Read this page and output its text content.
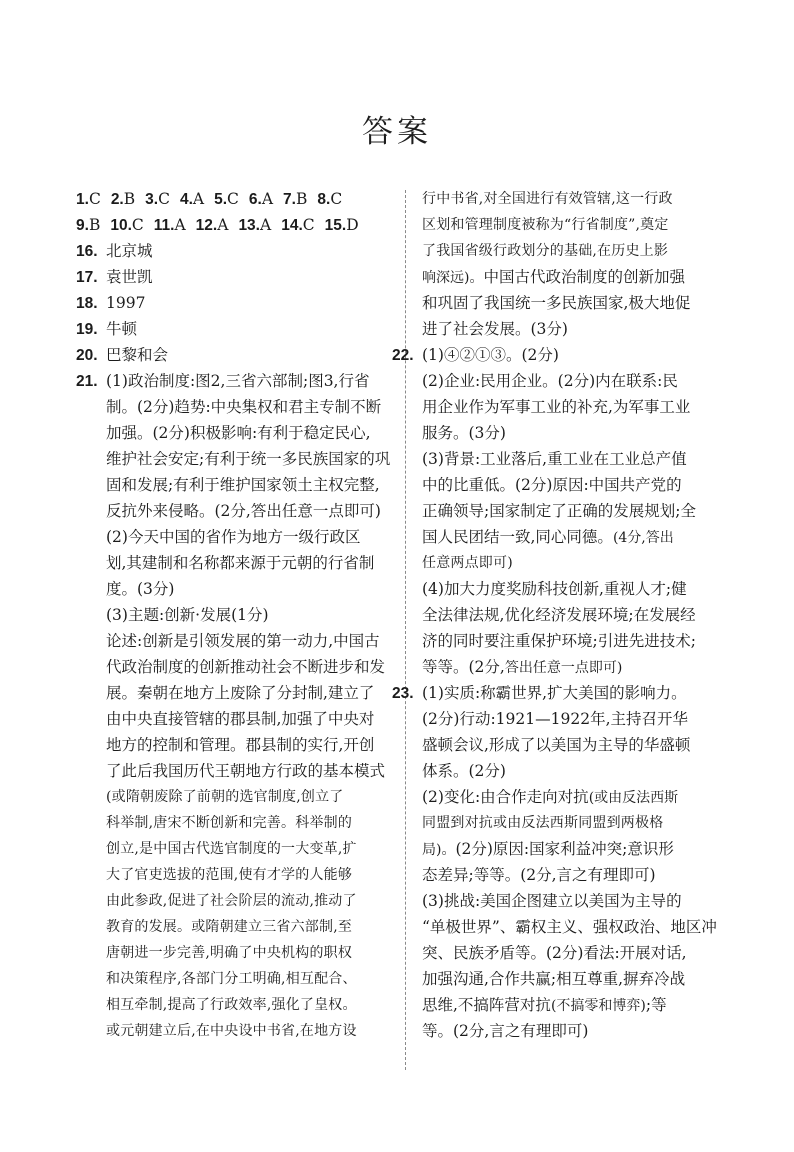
答案
1.C 2.B 3.C 4.A 5.C 6.A 7.B 8.C
9.B 10.C 11.A 12.A 13.A 14.C 15.D
16. 北京城
17. 袁世凯
18. 1997
19. 牛顿
20. 巴黎和会
21. (1)政治制度:图2,三省六部制;图3,行省
制。(2分)趋势:中央集权和君主专制不断
加强。(2分)积极影响:有利于稳定民心,
维护社会安定;有利于统一多民族国家的巩
固和发展;有利于维护国家领土主权完整,
反抗外来侵略。(2分,答出任意一点即可)
(2)今天中国的省作为地方一级行政区
划,其建制和名称都来源于元朝的行省制
度。(3分)
(3)主题:创新·发展(1分)
论述:创新是引领发展的第一动力,中国古
代政治制度的创新推动社会不断进步和发
展。秦朝在地方上废除了分封制,建立了
由中央直接管辖的郡县制,加强了中央对
地方的控制和管理。郡县制的实行,开创
了此后我国历代王朝地方行政的基本模式
(或隋朝废除了前朝的选官制度,创立了
科举制,唐宋不断创新和完善。科举制的
创立,是中国古代选官制度的一大变革,扩
大了官吏选拔的范围,使有才学的人能够
由此参政,促进了社会阶层的流动,推动了
教育的发展。或隋朝建立三省六部制,至
唐朝进一步完善,明确了中央机构的职权
和决策程序,各部门分工明确,相互配合、
相互牵制,提高了行政效率,强化了皇权。
或元朝建立后,在中央设中书省,在地方设
行中书省,对全国进行有效管辖,这一行政
区划和管理制度被称为“行省制度”,奠定
了我国省级行政划分的基础,在历史上影
响深远)。中国古代政治制度的创新加强
和巩固了我国统一多民族国家,极大地促
进了社会发展。(3分)
22. (1)④②①③。(2分)
(2)企业:民用企业。(2分)内在联系:民
用企业作为军事工业的补充,为军事工业
服务。(3分)
(3)背景:工业落后,重工业在工业总产值
中的比重低。(2分)原因:中国共产党的
正确领导;国家制定了正确的发展规划;全
国人民团结一致,同心同德。(4分,答出
任意两点即可)
(4)加大力度奖励科技创新,重视人才;健
全法律法规,优化经济发展环境;在发展经
济的同时要注重保护环境;引进先进技术;
等等。(2分,答出任意一点即可)
23. (1)实质:称霸世界,扩大美国的影响力。
(2分)行动:1921—1922年,主持召开华
盛顿会议,形成了以美国为主导的华盛顿
体系。(2分)
(2)变化:由合作走向对抗(或由反法西斯
同盟到对抗或由反法西斯同盟到两极格
局)。(2分)原因:国家利益冲突;意识形
态差异;等等。(2分,言之有理即可)
(3)挑战:美国企图建立以美国为主导的
“单极世界”、霸权主义、强权政治、地区冲
突、民族矛盾等。(2分)看法:开展对话,
加强沟通,合作共赢;相互尊重,摒弃冷战
思维,不搞阵营对抗(不搞零和博弈);等
等。(2分,言之有理即可)
